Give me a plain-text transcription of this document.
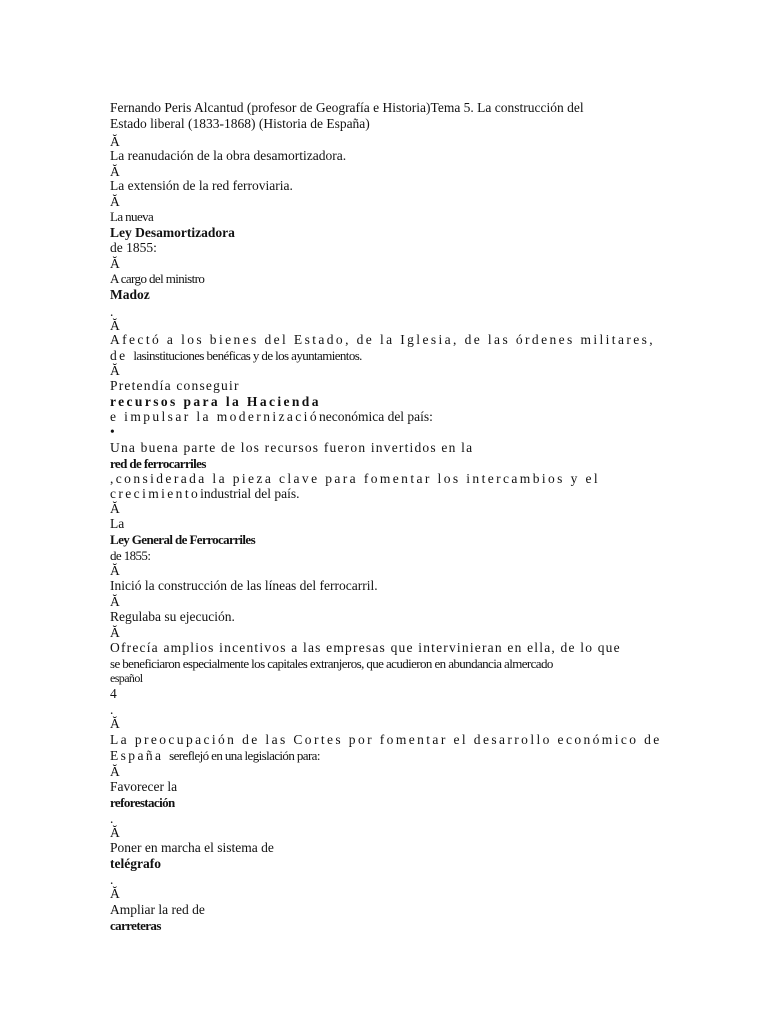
Fernando Peris Alcantud (profesor de Geografía e Historia)Tema 5. La construcción del
Estado liberal (1833-1868) (Historia de España)
Ă
La reanudación de la obra desamortizadora.
Ă
La extensión de la red ferroviaria.
Ă
La nueva
Ley Desamortizadora
de 1855:
Ă
A cargo del ministro
Madoz
.
Ă
Afectó a los bienes del Estado, de la Iglesia, de las órdenes militares,
de lasinstituciones benéficas y de los ayuntamientos.
Ă
Pretendía conseguir
recursos para la Hacienda
e impulsar la modernizacióneconómica del país:
•
Una buena parte de los recursos fueron invertidos en la
red de ferrocarriles
,considerada la pieza clave para fomentar los intercambios y el
crecimientoindustrial del país.
Ă
La
Ley General de Ferrocarriles
de 1855:
Ă
Inició la construcción de las líneas del ferrocarril.
Ă
Regulaba su ejecución.
Ă
Ofrecía amplios incentivos a las empresas que intervinieran en ella, de lo que
se beneficiaron especialmente los capitales extranjeros, que acudieron en abundancia almercado
español
4
.
Ă
La preocupación de las Cortes por fomentar el desarrollo económico de
España sereflejó en una legislación para:
Ă
Favorecer la
reforestación
.
Ă
Poner en marcha el sistema de
telégrafo
.
Ă
Ampliar la red de
carreteras
